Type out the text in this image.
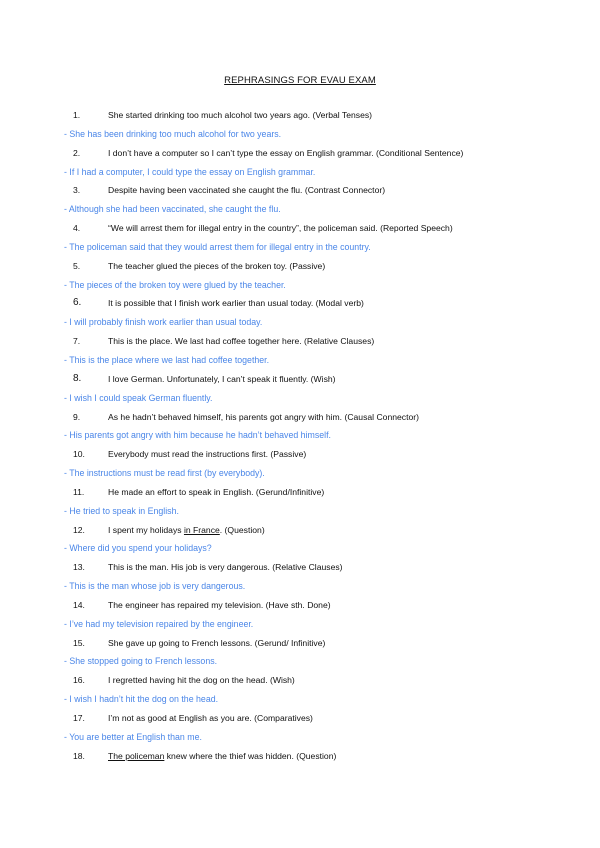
REPHRASINGS FOR EVAU EXAM
1.	She started drinking too much alcohol two years ago. (Verbal Tenses)
- She has been drinking too much alcohol for two years.
2.	I don’t have a computer so I can’t type the essay on English grammar. (Conditional Sentence)
- If I had a computer, I could type the essay on English grammar.
3.	Despite having been vaccinated she caught the flu. (Contrast Connector)
- Although she had been vaccinated, she caught the flu.
4.	“We will arrest them for illegal entry in the country”, the policeman said. (Reported Speech)
- The policeman said that they would arrest them for illegal entry in the country.
5.	The teacher glued the pieces of the broken toy. (Passive)
- The pieces of the broken toy were glued by the teacher.
6.	It is possible that I finish work earlier than usual today. (Modal verb)
- I will probably finish work earlier than usual today.
7.	This is the place. We last had coffee together here. (Relative Clauses)
- This is the place where we last had coffee together.
8.	I love German. Unfortunately, I can’t speak it fluently. (Wish)
- I wish I could speak German fluently.
9.	As he hadn’t behaved himself, his parents got angry with him. (Causal Connector)
- His parents got angry with him because he hadn’t behaved himself.
10.	Everybody must read the instructions first. (Passive)
- The instructions must be read first (by everybody).
11.	He made an effort to speak in English. (Gerund/Infinitive)
- He tried to speak in English.
12.	I spent my holidays in France. (Question)
- Where did you spend your holidays?
13.	This is the man. His job is very dangerous. (Relative Clauses)
- This is the man whose job is very dangerous.
14.	The engineer has repaired my television. (Have sth. Done)
- I’ve had my television repaired by the engineer.
15.	She gave up going to French lessons. (Gerund/ Infinitive)
- She stopped going to French lessons.
16.	I regretted having hit the dog on the head. (Wish)
- I wish I hadn’t hit the dog on the head.
17.	I’m not as good at English as you are. (Comparatives)
- You are better at English than me.
18.	The policeman knew where the thief was hidden. (Question)
